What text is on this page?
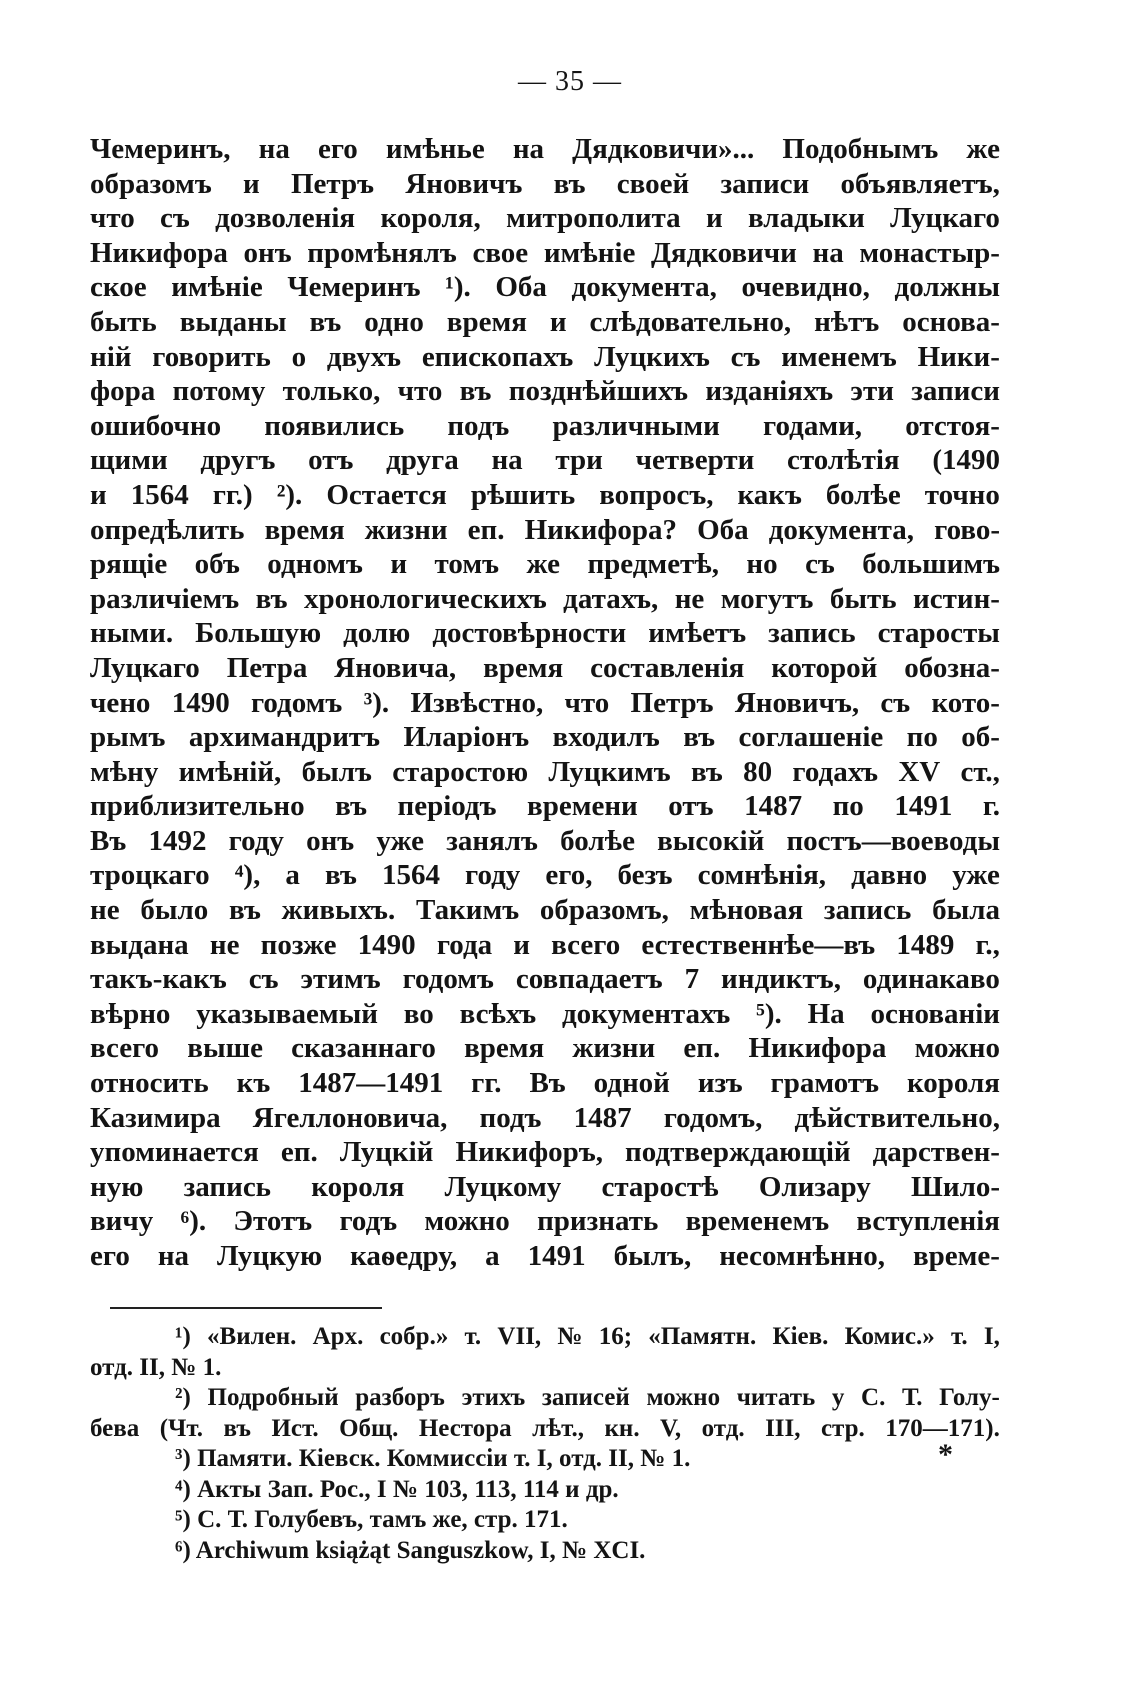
— 35 —
Чемеринъ, на его имѣнье на Дядковичи»... Подобнымъ же
образомъ и Петръ Яновичъ въ своей записи объявляетъ,
что съ дозволенія короля, митрополита и владыки Луцкаго
Никифора онъ промѣнялъ свое имѣніе Дядковичи на монастыр-
ское имѣніе Чемеринъ ¹). Оба документа, очевидно, должны
быть выданы въ одно время и слѣдовательно, нѣтъ основа-
ній говорить о двухъ епископахъ Луцкихъ съ именемъ Ники-
фора потому только, что въ позднѣйшихъ изданіяхъ эти записи
ошибочно появились подъ различными годами, отстоя-
щими другъ отъ друга на три четверти столѣтія (1490
и 1564 гг.) ²). Остается рѣшить вопросъ, какъ болѣе точно
опредѣлить время жизни еп. Никифора? Оба документа, гово-
рящіе объ одномъ и томъ же предметѣ, но съ большимъ
различіемъ въ хронологическихъ датахъ, не могутъ быть истин-
ными. Большую долю достовѣрности имѣетъ запись старосты
Луцкаго Петра Яновича, время составленія которой обозна-
чено 1490 годомъ ³). Извѣстно, что Петръ Яновичъ, съ кото-
рымъ архимандритъ Иларіонъ входилъ въ соглашеніе по об-
мѣну имѣній, былъ старостою Луцкимъ въ 80 годахъ XV ст.,
приблизительно въ періодъ времени отъ 1487 по 1491 г.
Въ 1492 году онъ уже занялъ болѣе высокій постъ—воеводы
троцкаго ⁴), а въ 1564 году его, безъ сомнѣнія, давно уже
не было въ живыхъ. Такимъ образомъ, мѣновая запись была
выдана не позже 1490 года и всего естественнѣе—въ 1489 г.,
такъ-какъ съ этимъ годомъ совпадаетъ 7 индиктъ, одинакаво
вѣрно указываемый во всѣхъ документахъ ⁵). На основаніи
всего выше сказаннаго время жизни еп. Никифора можно
относить къ 1487—1491 гг. Въ одной изъ грамотъ короля
Казимира Ягеллоновича, подъ 1487 годомъ, дѣйствительно,
упоминается еп. Луцкій Никифоръ, подтверждающій дарствен-
ную запись короля Луцкому старостѣ Олизару Шило-
вичу ⁶). Этотъ годъ можно признать временемъ вступленія
его на Луцкую каѳедру, а 1491 былъ, несомнѣнно, време-
¹) «Вилен. Арх. собр.» т. VII, № 16; «Памятн. Кіев. Комис.» т. I,
отд. II, № 1.
²) Подробный разборъ этихъ записей можно читать у С. Т. Голу-
бева (Чт. въ Ист. Общ. Нестора лѣт., кн. V, отд. III, стр. 170—171).
³) Памяти. Кіевск. Коммиссіи т. I, отд. II, № 1.
⁴) Акты Зап. Рос., I № 103, 113, 114 и др.
⁵) С. Т. Голубевъ, тамъ же, стр. 171.
⁶) Archiwum książąt Sanguszkow, I, № XCI.
*
